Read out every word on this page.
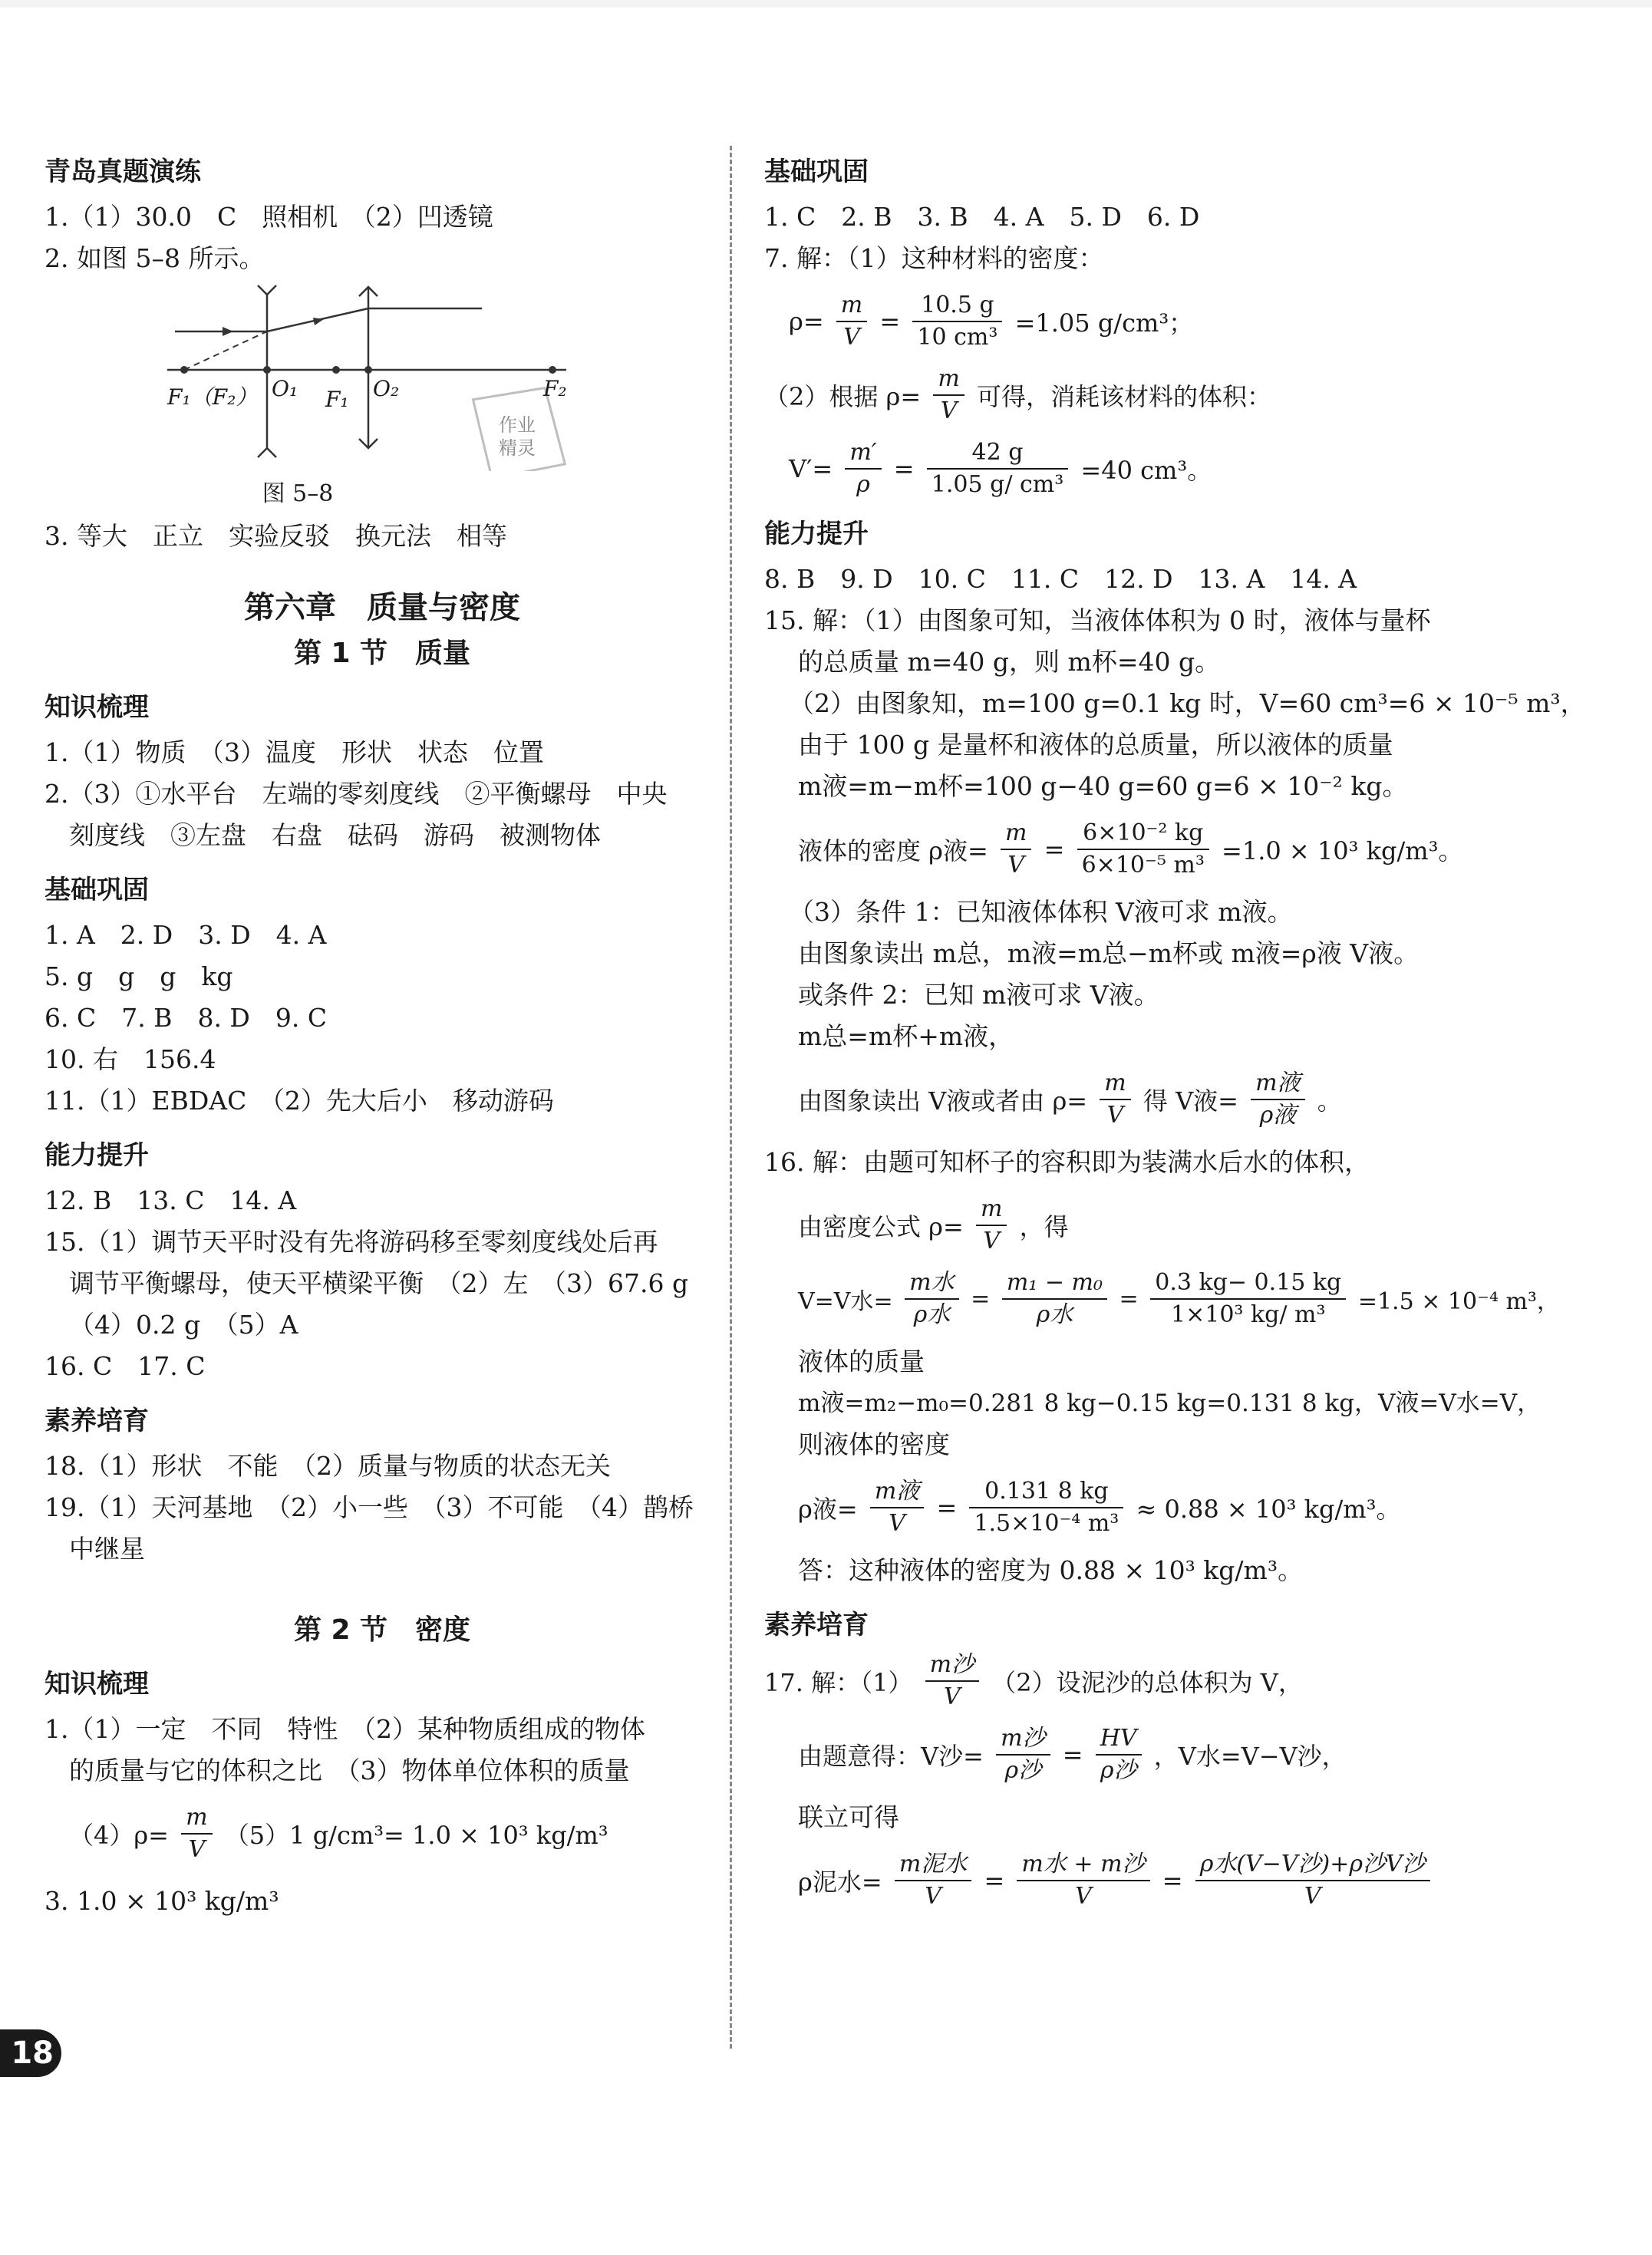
青岛真题演练
1.（1）30.0　C　照相机　（2）凹透镜
2. 如图 5–8 所示。
F₁（F₂） O₁ F₁ O₂	F₂
作业
精灵
图 5–8
3. 等大　正立　实验反驳　换元法　相等
第六章　质量与密度
第 1 节　质量
知识梳理
1.（1）物质　（3）温度　形状　状态　位置
2.（3）①水平台　左端的零刻度线　②平衡螺母　中央
刻度线　③左盘　右盘　砝码　游码　被测物体
基础巩固
1. A　2. D　3. D　4. A
5. g　g　g　kg
6. C　7. B　8. D　9. C
10. 右　156.4
11.（1）EBDAC　（2）先大后小　移动游码
能力提升
12. B　13. C　14. A
15.（1）调节天平时没有先将游码移至零刻度线处后再
调节平衡螺母，使天平横梁平衡　（2）左　（3）67.6 g
（4）0.2 g　（5）A
16. C　17. C
素养培育
18.（1）形状　不能　（2）质量与物质的状态无关
19.（1）天河基地　（2）小一些　（3）不可能　（4）鹊桥
中继星
第 2 节　密度
知识梳理
1.（1）一定　不同　特性　（2）某种物质组成的物体
的质量与它的体积之比　（3）物体单位体积的质量
$(4)\rho= \frac{m}{V} (5)1$ g/cm³= 1.0 × 10³ kg/m³
3. 1.0 × 10³ kg/m³
基础巩固
1. C　2. B　3. B　4. A　5. D　6. D
7. 解：（1）这种材料的密度：
$\rho= \frac{m}{V} = \frac{10.5 g}{\text{10 cm³}} =1.05$ g/cm³；
（2）根据 $\rho= \frac{m}{V}$ 可得，消耗该材料的体积：
$V'= \frac{m'}{\rho} = \frac{42 g}{\text{1.05 g/ cm³}} =40$ cm³。
能力提升
8. B　9. D　10. C　11. C　12. D　13. A　14. A
15. 解：（1）由图象可知，当液体体积为 0 时，液体与量杯
的总质量 m=40 g，则 m杯=40 g。
（2）由图象知，m=100 g=0.1 kg 时，V=60 cm³=6 × 10⁻⁵ m³，
由于 100 g 是量杯和液体的总质量，所以液体的质量
m液=m−m杯=100 g−40 g=60 g=6 × 10⁻² kg。
液体的密度 ρ液= $\frac{m}{V} = \frac{\text{6×10⁻² kg}}{\text{6×10⁻⁵ m³}} =1.0 \times 10^3$ kg/m³。
（3）条件 1：已知液体体积 V液可求 m液。
由图象读出 m总，m液=m总−m杯或 m液=ρ液 V液。
或条件 2：已知 m液可求 V液。
m总=m杯+m液，
由图象读出 V液或者由 $\rho= \frac{m}{V}$ 得 V液=
m液
ρ液 。
16. 解：由题可知杯子的容积即为装满水后水的体积，
由密度公式 $\rho= \frac{m}{V}$ ，得
V=V水=
m水
ρ水
=
m₁ − m₀
ρ水
= $\frac{0.3 kg- 0.15 kg}{\text{1×10³ kg/ m³}} =1.5 \times 10^{-4}$ m³，
液体的质量
m液=m₂−m₀=0.281 8 kg−0.15 kg=0.131 8 kg，V液=V水=V，
则液体的密度
ρ液=
m液
V
= $\frac{0.131 8 kg}{\text{1.5×10⁻⁴ m³}} \approx 0.88 \times 10^3$ kg/m³。
答：这种液体的密度为 0.88 × 10³ kg/m³。
素养培育
17. 解：（1）
m沙
V	（2）设泥沙的总体积为 V，
由题意得：V沙=
m沙
ρ沙
=
HV
ρ沙 ，V水=V−V沙，
联立可得
ρ泥水=
m泥水
V
=
m水 + m沙
V
=
ρ水(V−V沙)+ρ沙V沙
V
18
